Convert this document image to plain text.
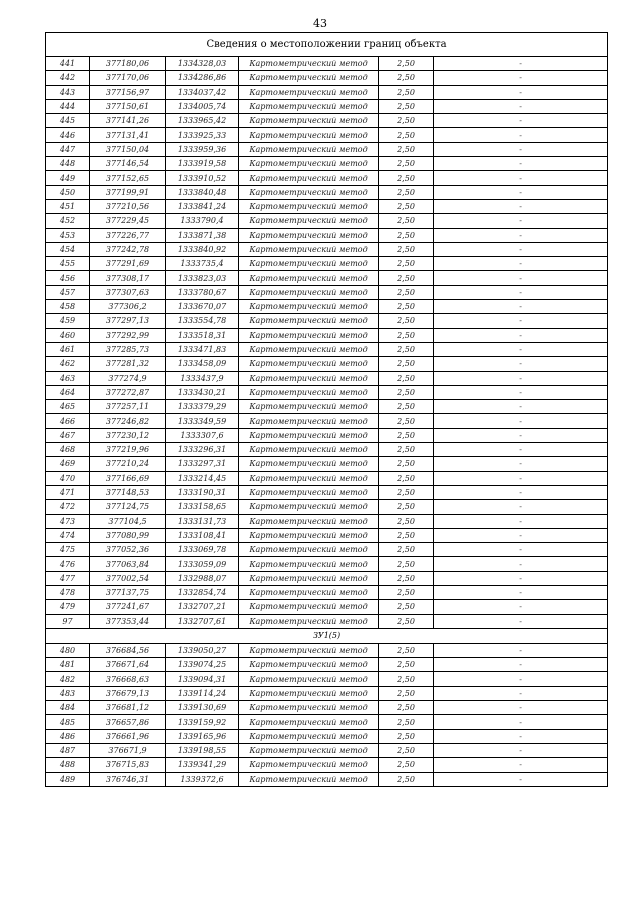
43
Сведения о местоположении границ объекта					
441	377180,06	1334328,03	Картометрический метод	2,50	-
442	377170,06	1334286,86	Картометрический метод	2,50	-
443	377156,97	1334037,42	Картометрический метод	2,50	-
444	377150,61	1334005,74	Картометрический метод	2,50	-
445	377141,26	1333965,42	Картометрический метод	2,50	-
446	377131,41	1333925,33	Картометрический метод	2,50	-
447	377150,04	1333959,36	Картометрический метод	2,50	-
448	377146,54	1333919,58	Картометрический метод	2,50	-
449	377152,65	1333910,52	Картометрический метод	2,50	-
450	377199,91	1333840,48	Картометрический метод	2,50	-
451	377210,56	1333841,24	Картометрический метод	2,50	-
452	377229,45	1333790,4	Картометрический метод	2,50	-
453	377226,77	1333871,38	Картометрический метод	2,50	-
454	377242,78	1333840,92	Картометрический метод	2,50	-
455	377291,69	1333735,4	Картометрический метод	2,50	-
456	377308,17	1333823,03	Картометрический метод	2,50	-
457	377307,63	1333780,67	Картометрический метод	2,50	-
458	377306,2	1333670,07	Картометрический метод	2,50	-
459	377297,13	1333554,78	Картометрический метод	2,50	-
460	377292,99	1333518,31	Картометрический метод	2,50	-
461	377285,73	1333471,83	Картометрический метод	2,50	-
462	377281,32	1333458,09	Картометрический метод	2,50	-
463	377274,9	1333437,9	Картометрический метод	2,50	-
464	377272,87	1333430,21	Картометрический метод	2,50	-
465	377257,11	1333379,29	Картометрический метод	2,50	-
466	377246,82	1333349,59	Картометрический метод	2,50	-
467	377230,12	1333307,6	Картометрический метод	2,50	-
468	377219,96	1333296,31	Картометрический метод	2,50	-
469	377210,24	1333297,31	Картометрический метод	2,50	-
470	377166,69	1333214,45	Картометрический метод	2,50	-
471	377148,53	1333190,31	Картометрический метод	2,50	-
472	377124,75	1333158,65	Картометрический метод	2,50	-
473	377104,5	1333131,73	Картометрический метод	2,50	-
474	377080,99	1333108,41	Картометрический метод	2,50	-
475	377052,36	1333069,78	Картометрический метод	2,50	-
476	377063,84	1333059,09	Картометрический метод	2,50	-
477	377002,54	1332988,07	Картометрический метод	2,50	-
478	377137,75	1332854,74	Картометрический метод	2,50	-
479	377241,67	1332707,21	Картометрический метод	2,50	-
97	377353,44	1332707,61	Картометрический метод	2,50	-
ЗУ1(5)					
480	376684,56	1339050,27	Картометрический метод	2,50	-
481	376671,64	1339074,25	Картометрический метод	2,50	-
482	376668,63	1339094,31	Картометрический метод	2,50	-
483	376679,13	1339114,24	Картометрический метод	2,50	-
484	376681,12	1339130,69	Картометрический метод	2,50	-
485	376657,86	1339159,92	Картометрический метод	2,50	-
486	376661,96	1339165,96	Картометрический метод	2,50	-
487	376671,9	1339198,55	Картометрический метод	2,50	-
488	376715,83	1339341,29	Картометрический метод	2,50	-
489	376746,31	1339372,6	Картометрический метод	2,50	-
